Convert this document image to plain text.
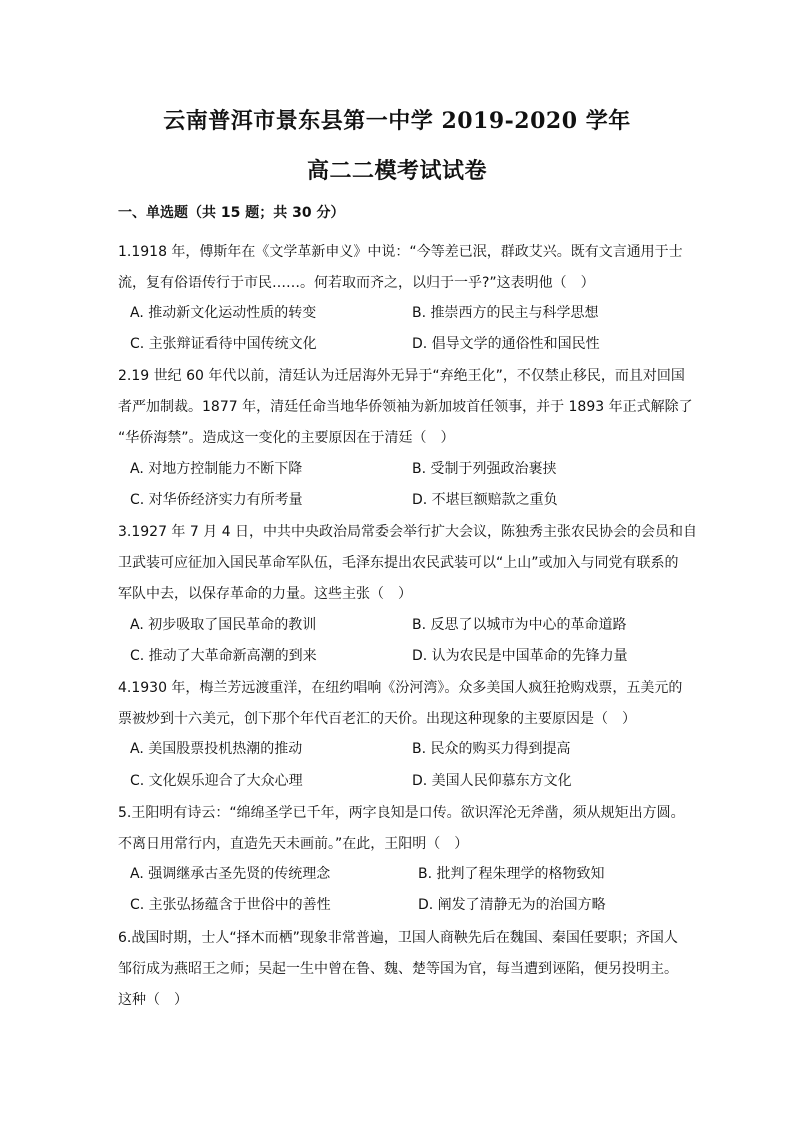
云南普洱市景东县第一中学 2019-2020 学年
高二二模考试试卷
一、单选题（共 15 题；共 30 分）
1.1918 年，傅斯年在《文学革新申义》中说：“今等差已泯，群政艾兴。既有文言通用于士
流，复有俗语传行于市民……。何若取而齐之，以归于一乎?”这表明他（　）
A. 推动新文化运动性质的转变	B. 推崇西方的民主与科学思想
C. 主张辩证看待中国传统文化	D. 倡导文学的通俗性和国民性
2.19 世纪 60 年代以前，清廷认为迁居海外无异于“弃绝王化”，不仅禁止移民，而且对回国
者严加制裁。1877 年，清廷任命当地华侨领袖为新加坡首任领事，并于 1893 年正式解除了
“华侨海禁”。造成这一变化的主要原因在于清廷（　）
A. 对地方控制能力不断下降	B. 受制于列强政治裹挟
C. 对华侨经济实力有所考量	D. 不堪巨额赔款之重负
3.1927 年 7 月 4 日，中共中央政治局常委会举行扩大会议，陈独秀主张农民协会的会员和自
卫武装可应征加入国民革命军队伍，毛泽东提出农民武装可以“上山”或加入与同党有联系的
军队中去，以保存革命的力量。这些主张（　）
A. 初步吸取了国民革命的教训	B. 反思了以城市为中心的革命道路
C. 推动了大革命新高潮的到来	D. 认为农民是中国革命的先锋力量
4.1930 年，梅兰芳远渡重洋，在纽约唱响《汾河湾》。众多美国人疯狂抢购戏票，五美元的
票被炒到十六美元，创下那个年代百老汇的天价。出现这种现象的主要原因是（　）
A. 美国股票投机热潮的推动	B. 民众的购买力得到提高
C. 文化娱乐迎合了大众心理	D. 美国人民仰慕东方文化
5.王阳明有诗云：“绵绵圣学已千年，两字良知是口传。欲识浑沦无斧凿，须从规矩出方圆。
不离日用常行内，直造先天未画前。”在此，王阳明（　）
A. 强调继承古圣先贤的传统理念	B. 批判了程朱理学的格物致知
C. 主张弘扬蕴含于世俗中的善性	D. 阐发了清静无为的治国方略
6.战国时期，士人“择木而栖”现象非常普遍，卫国人商鞅先后在魏国、秦国任要职；齐国人
邹衍成为燕昭王之师；吴起一生中曾在鲁、魏、楚等国为官，每当遭到诬陷，便另投明主。
这种（　）
